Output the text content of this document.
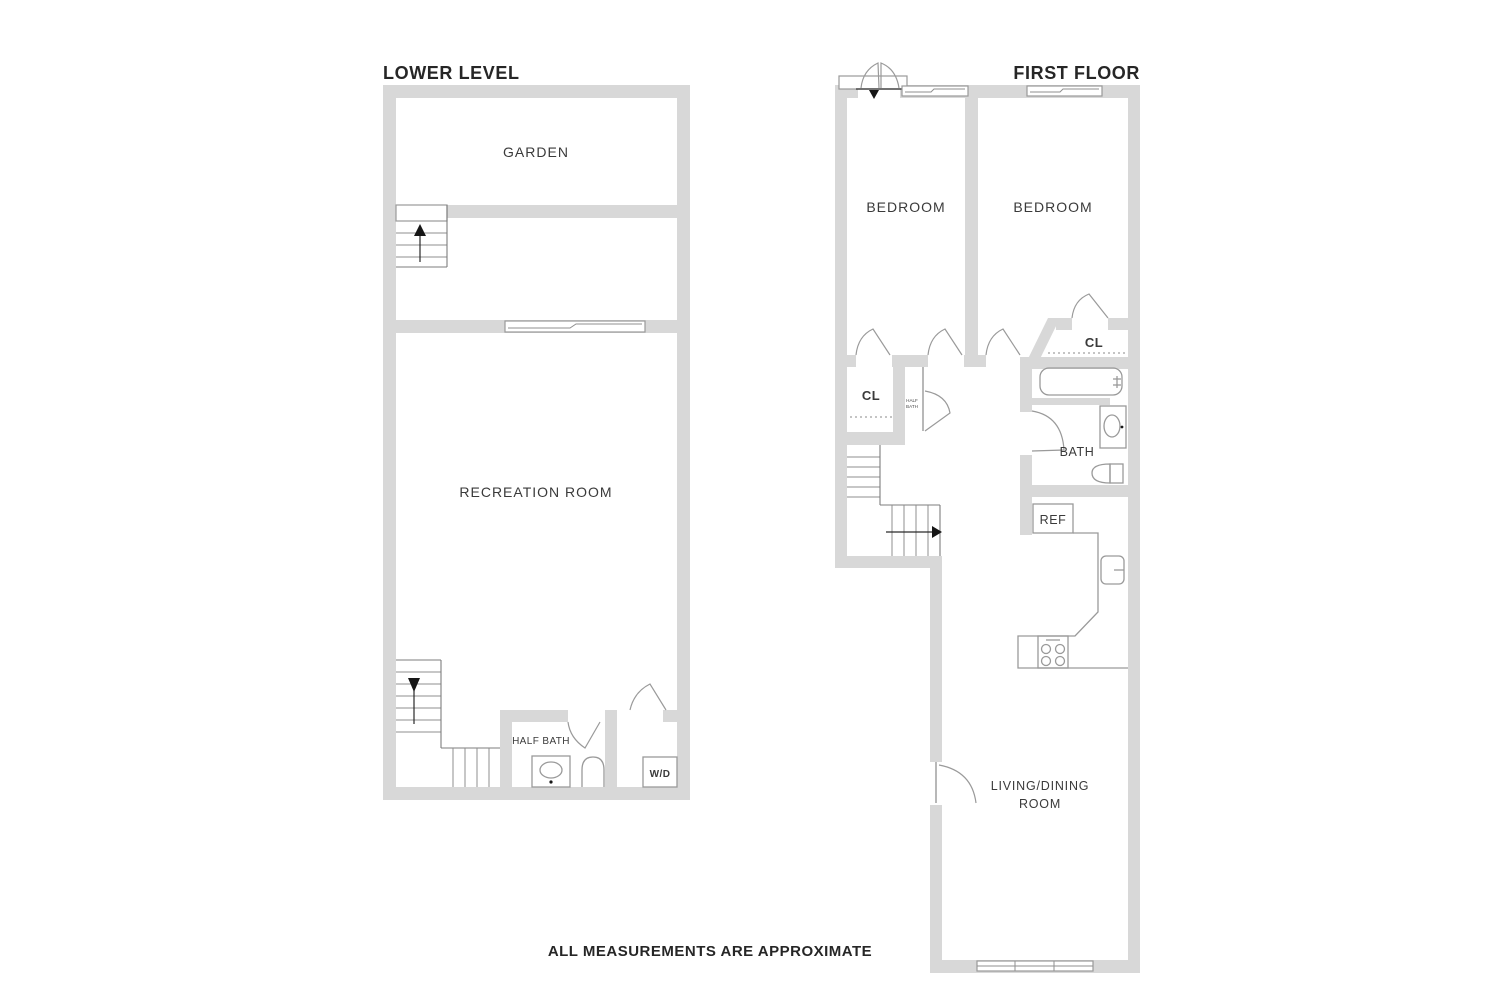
LOWER LEVEL
GARDEN
RECREATION ROOM
HALF BATH
W/D
FIRST FLOOR
BEDROOM	BEDROOM
CL
CL	HALF
BATH
BATH
REF
LIVING/DINING
ROOM
ALL MEASUREMENTS ARE APPROXIMATE
